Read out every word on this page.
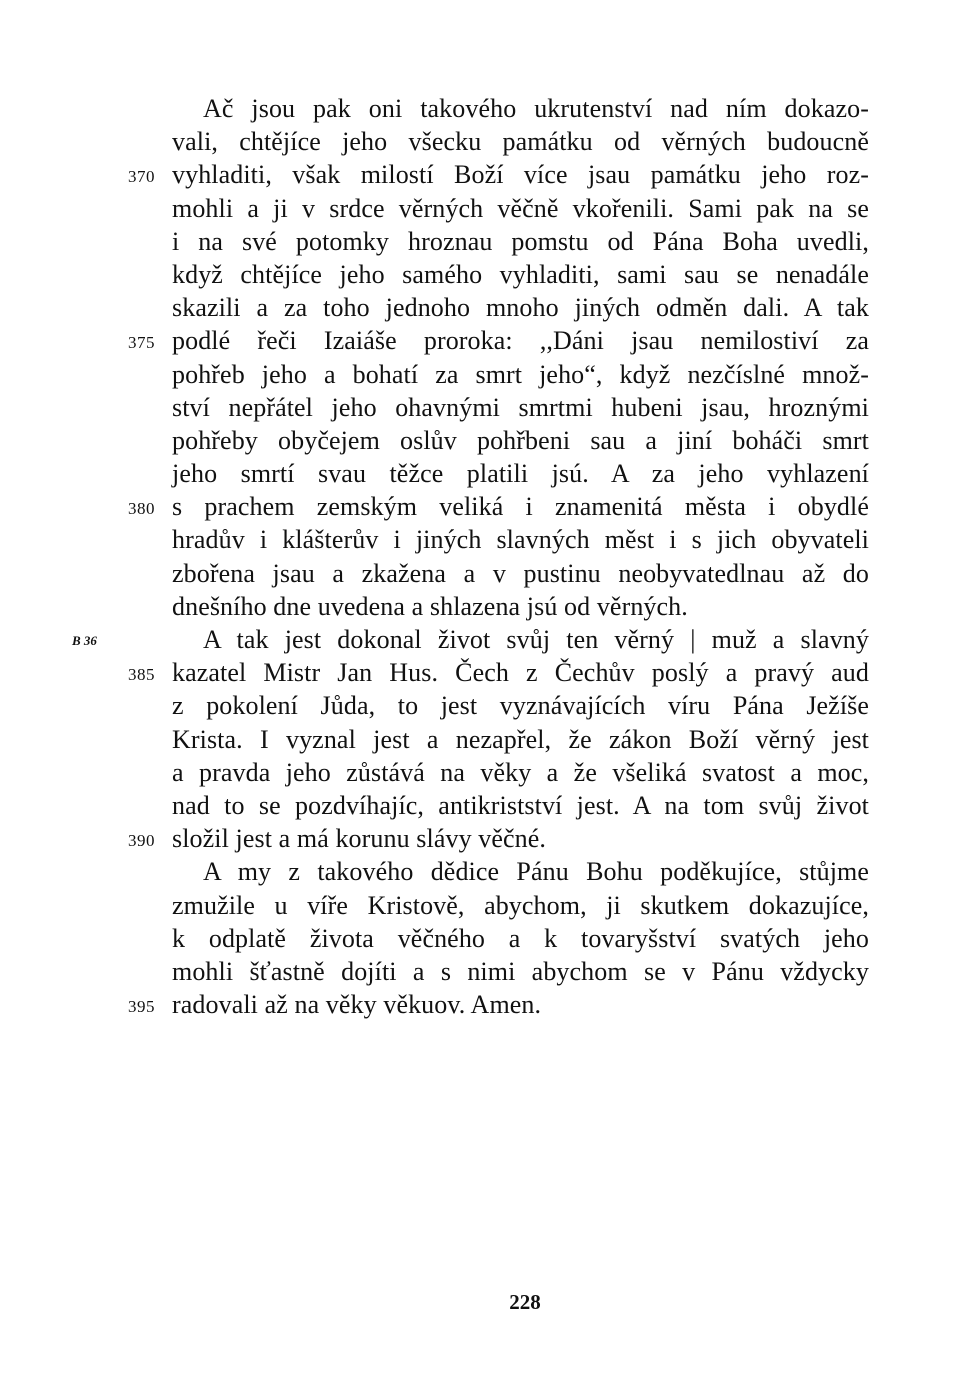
Ač jsou pak oni takového ukrutenství nad ním dokazo-
vali, chtějíce jeho všecku památku od věrných budoucně
370 vyhladiti, však milostí Boží více jsau památku jeho roz-
mohli a ji v srdce věrných věčně vkořenili. Sami pak na se
i na své potomky hroznau pomstu od Pána Boha uvedli,
když chtějíce jeho samého vyhladiti, sami sau se nenadále
skazili a za toho jednoho mnoho jiných odměn dali. A tak
375 podlé řeči Izaiáše proroka: ,,Dáni jsau nemilostiví za
pohřeb jeho a bohatí za smrt jeho“, když nezčíslné množ-
ství nepřátel jeho ohavnými smrtmi hubeni jsau, hroznými
pohřeby obyčejem oslův pohřbeni sau a jiní boháči smrt
jeho smrtí svau těžce platili jsú. A za jeho vyhlazení
380 s prachem zemským veliká i znamenitá města i obydlé
hradův i klášterův i jiných slavných měst i s jich obyvateli
zbořena jsau a zkažena a v pustinu neobyvatedlnau až do
dnešního dne uvedena a shlazena jsú od věrných.
B 36	A tak jest dokonal život svůj ten věrný | muž a slavný
385 kazatel Mistr Jan Hus. Čech z Čechův poslý a pravý aud
z pokolení Jůda, to jest vyznávajících víru Pána Ježíše
Krista. I vyznal jest a nezapřel, že zákon Boží věrný jest
a pravda jeho zůstává na věky a že všeliká svatost a moc,
nad to se pozdvíhajíc, antikristství jest. A na tom svůj život
390 složil jest a má korunu slávy věčné.
A my z takového dědice Pánu Bohu poděkujíce, stůjme
zmužile u víře Kristově, abychom, ji skutkem dokazujíce,
k odplatě života věčného a k tovaryšství svatých jeho
mohli šťastně dojíti a s nimi abychom se v Pánu vždycky
395 radovali až na věky věkuov. Amen.
228
